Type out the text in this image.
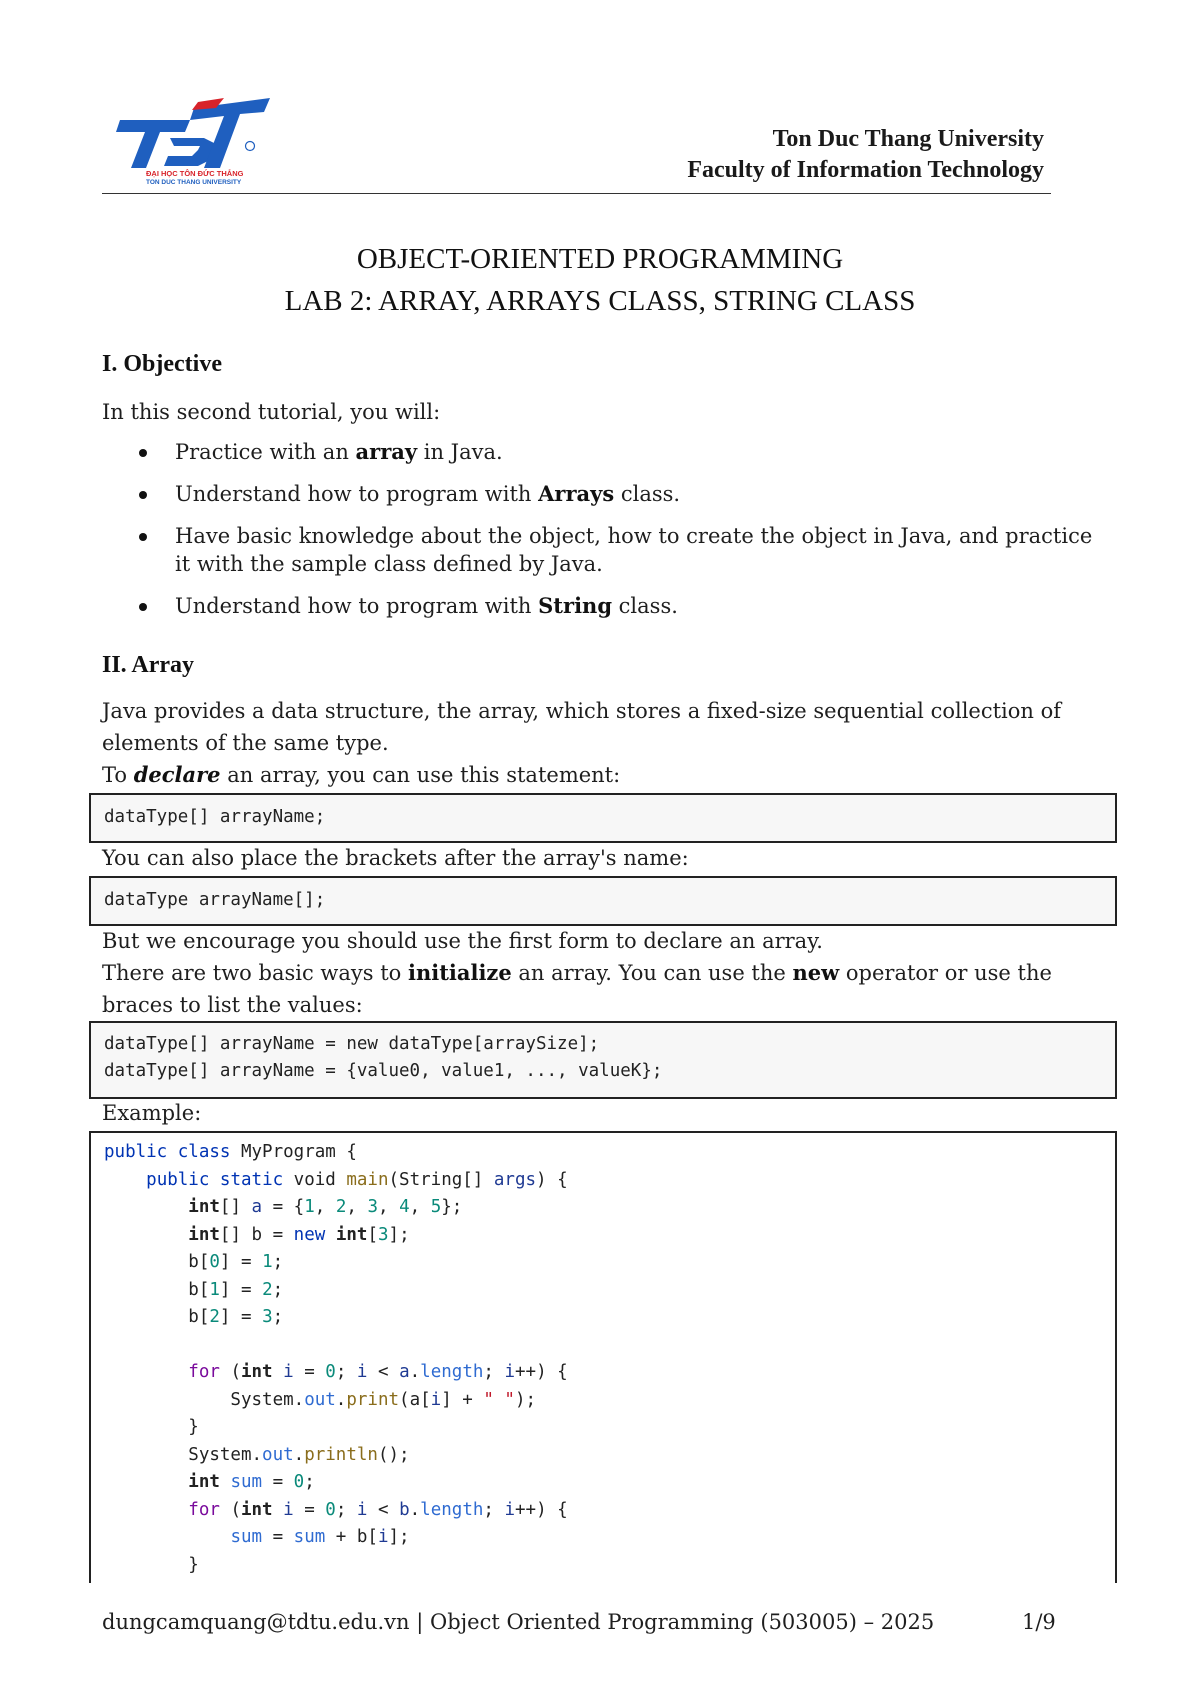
ĐẠI HỌC TÔN ĐỨC THẮNG
TON DUC THANG UNIVERSITY
Ton Duc Thang University
Faculty of Information Technology
OBJECT-ORIENTED PROGRAMMING
LAB 2: ARRAY, ARRAYS CLASS, STRING CLASS
I. Objective
In this second tutorial, you will:
Practice with an array in Java.
Understand how to program with Arrays class.
Have basic knowledge about the object, how to create the object in Java, and practice it with the sample class defined by Java.
Understand how to program with String class.
II. Array
Java provides a data structure, the array, which stores a fixed-size sequential collection of elements of the same type.
To declare an array, you can use this statement:
dataType[] arrayName;
You can also place the brackets after the array's name:
dataType arrayName[];
But we encourage you should use the first form to declare an array.
There are two basic ways to initialize an array. You can use the new operator or use the braces to list the values:
dataType[] arrayName = new dataType[arraySize];
dataType[] arrayName = {value0, value1, ..., valueK};
Example:
public class MyProgram {
public static void main(String[] args) {
int[] a = {1, 2, 3, 4, 5};
int[] b = new int[3];
b[0] = 1;
b[1] = 2;
b[2] = 3;

for (int i = 0; i < a.length; i++) {
System.out.print(a[i] + " ");
}
System.out.println();
int sum = 0;
for (int i = 0; i < b.length; i++) {
sum = sum + b[i];
}
dungcamquang@tdtu.edu.vn | Object Oriented Programming (503005) – 2025	1/9
